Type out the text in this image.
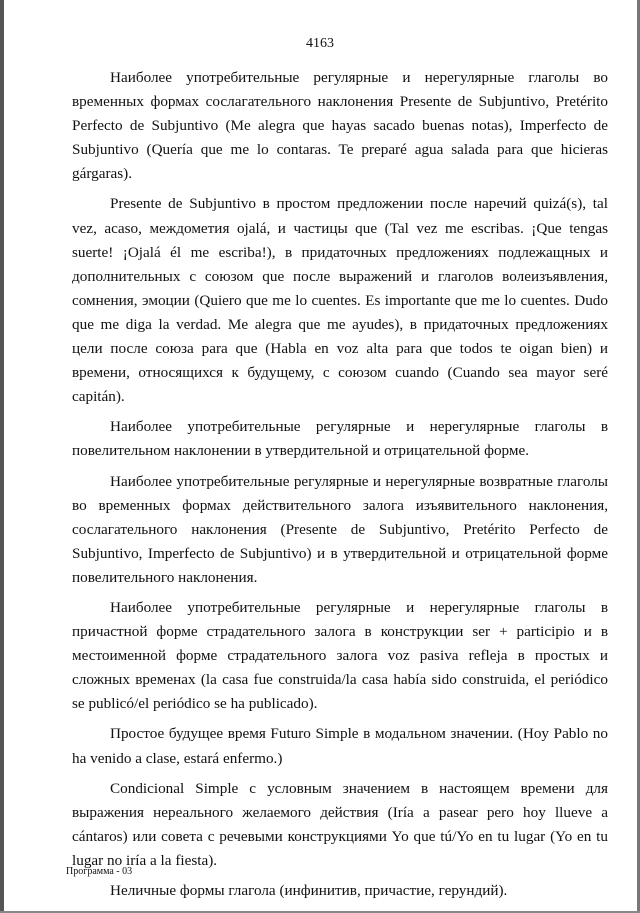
4163

Наиболее употребительные регулярные и нерегулярные глаголы во временных формах сослагательного наклонения Presente de Subjuntivo, Pretérito Perfecto de Subjuntivo (Me alegra que hayas sacado buenas notas), Imperfecto de Subjuntivo (Quería que me lo contaras. Te preparé agua salada para que hicieras gárgaras).

Presente de Subjuntivo в простом предложении после наречий quizá(s), tal vez, acaso, междометия ojalá, и частицы que (Tal vez me escribas. ¡Que tengas suerte! ¡Ojalá él me escriba!), в придаточных предложениях подлежащных и дополнительных с союзом que после выражений и глаголов волеизъявления, сомнения, эмоции (Quiero que me lo cuentes. Es importante que me lo cuentes. Dudo que me diga la verdad. Me alegra que me ayudes), в придаточных предложениях цели после союза para que (Habla en voz alta para que todos te oigan bien) и времени, относящихся к будущему, с союзом cuando (Cuando sea mayor seré capitán).

Наиболее употребительные регулярные и нерегулярные глаголы в повелительном наклонении в утвердительной и отрицательной форме.

Наиболее употребительные регулярные и нерегулярные возвратные глаголы во временных формах действительного залога изъявительного наклонения, сослагательного наклонения (Presente de Subjuntivo, Pretérito Perfecto de Subjuntivo, Imperfecto de Subjuntivo) и в утвердительной и отрицательной форме повелительного наклонения.

Наиболее употребительные регулярные и нерегулярные глаголы в причастной форме страдательного залога в конструкции ser + participio и в местоименной форме страдательного залога voz pasiva refleja в простых и сложных временах (la casa fue construida/la casa había sido construida, el periódico se publicó/el periódico se ha publicado).

Простое будущее время Futuro Simple в модальном значении. (Hoy Pablo no ha venido a clase, estará enfermo.)

Condicional Simple с условным значением в настоящем времени для выражения нереального желаемого действия (Iría a pasear pero hoy llueve a cántaros) или совета с речевыми конструкциями Yo que tú/Yo en tu lugar (Yo en tu lugar no iría a la fiesta).

Неличные формы глагола (инфинитив, причастие, герундий).

Программа - 03
